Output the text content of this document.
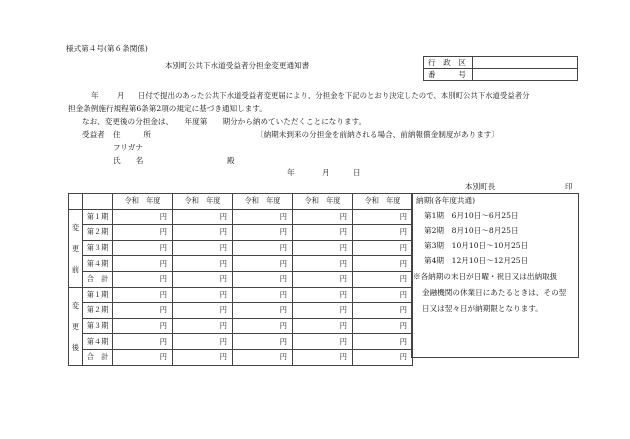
様式第４号(第６条関係)
本別町公共下水道受益者分担金変更通知書	行　政　区	
番　　　号	
年 月 日付で提出のあった公共下水道受益者変更届により、分担金を下記のとおり決定したので、本別町公共下水道受益者分
担金条例施行規程第6条第2項の規定に基づき通知します。
なお、変更後の分担金は、　　年度第　　期分から納めていただくことになります。
受益者 住　　　所	〔納期未到来の分担金を前納される場合、前納報償金制度があります〕
フリガナ
氏　　名	殿
年	月	日
本別町長	印
		令和　年度	令和　年度	令和　年度	令和　年度	令和　年度

変
更
前	第１期	円	円	円	円	円
	第２期	円	円	円	円	円
	第３期	円	円	円	円	円
	第４期	円	円	円	円	円
	合　計	円	円	円	円	円

変
更
後	第１期	円	円	円	円	円
	第２期	円	円	円	円	円
	第３期	円	円	円	円	円
	第４期	円	円	円	円	円
	合　計	円	円	円	円	円
納期(各年度共通)
第1期　6月10日～6月25日
第2期　8月10日～8月25日
第3期　10月10日～10月25日
第4期　12月10日～12月25日
※各納期の末日が日曜・祝日又は出納取扱
金融機関の休業日にあたるときは、その翌
日又は翌々日が納期限となります。
